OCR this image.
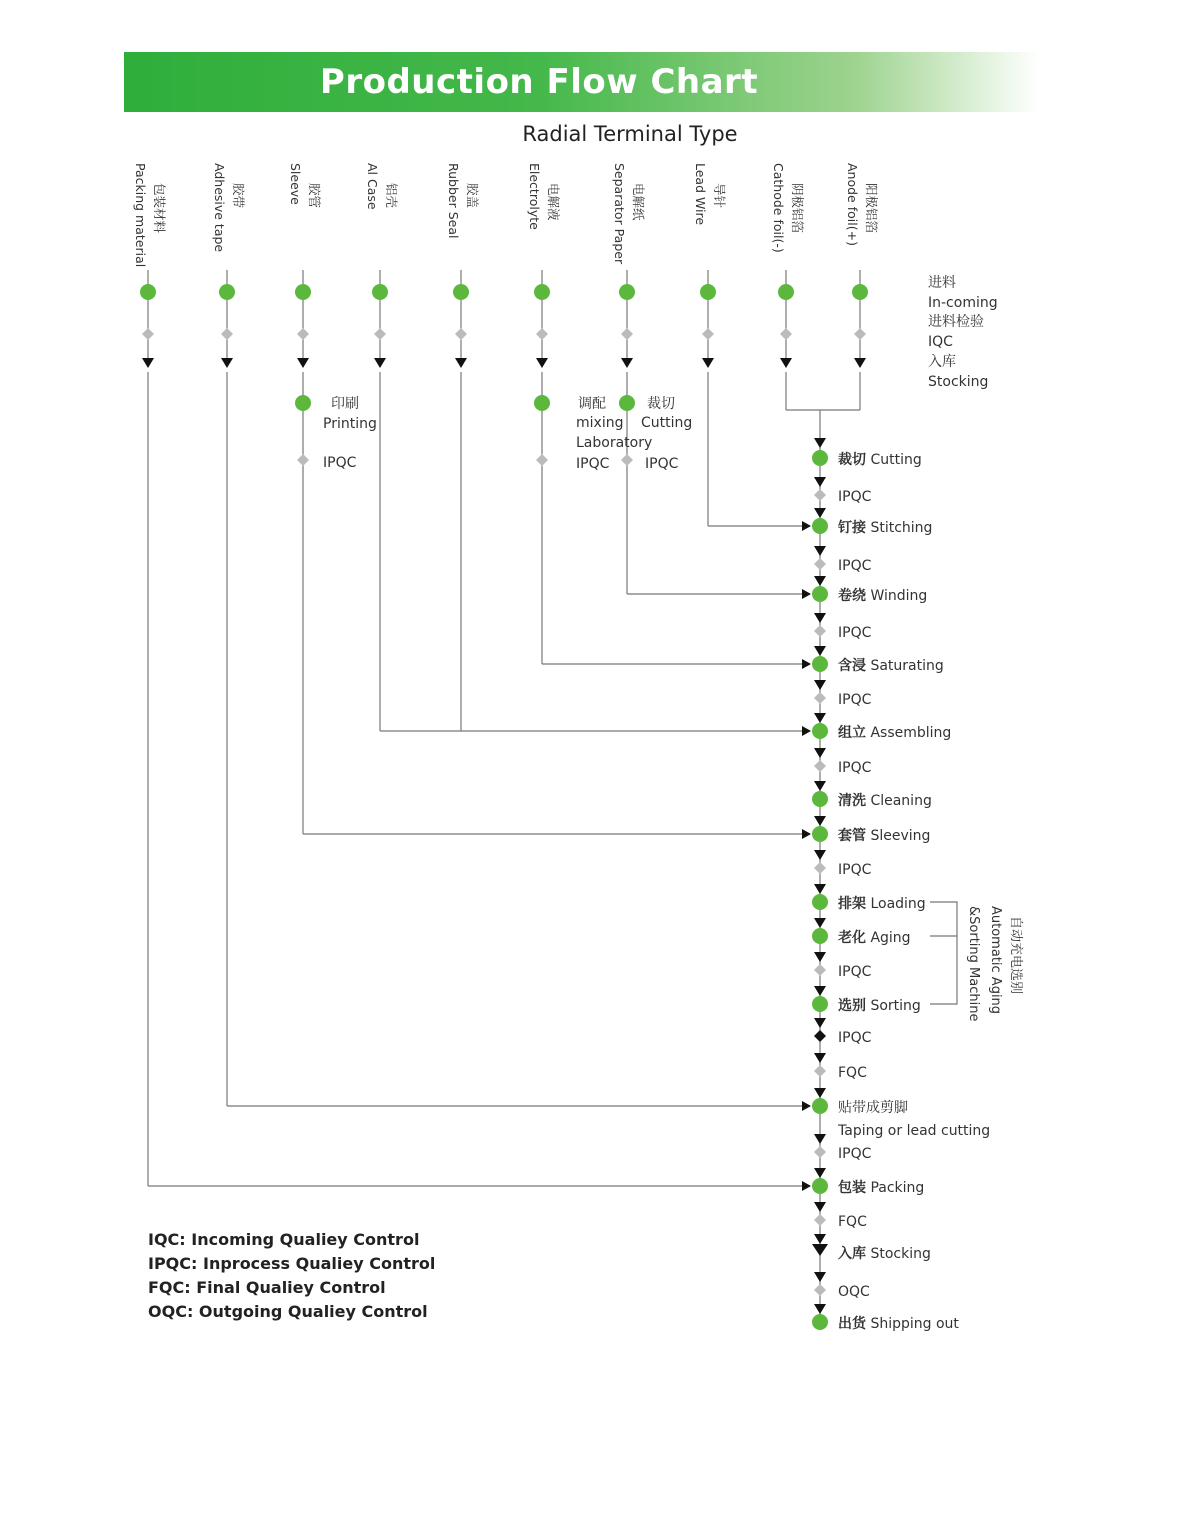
Production Flow Chart
Radial Terminal Type
Packing material 包装材料	Adhesive tape 胶带	Sleeve 胶管	Al Case 铝壳	Rubber Seal 胶盖	Electrolyte 电解液	Separator Paper 电解纸	Lead Wire 导针	Cathode foil(-) 阴极铝箔	Anode foil(+) 阳极铝箔
进料
In-coming
进料检验
IQC
入库
Stocking
裁切 Cutting
IPQC
钉接 Stitching
IPQC
卷绕 Winding
IPQC
含浸 Saturating
IPQC
组立 Assembling
IPQC
清洗 Cleaning
套管 Sleeving
IPQC
排架 Loading
老化 Aging
IPQC
选别 Sorting
IPQC
FQC
贴带成剪脚
Taping or lead cutting
IPQC
包装 Packing
FQC
入库 Stocking
OQC
出货 Shipping out
印刷
Printing
IPQC
调配
mixing
Laboratory
IPQC
裁切
Cutting
IPQC
自动充电选别
Automatic Aging
&Sorting Machine
IQC: Incoming Qualiey Control
IPQC: Inprocess Qualiey Control
FQC: Final Qualiey Control
OQC: Outgoing Qualiey Control
